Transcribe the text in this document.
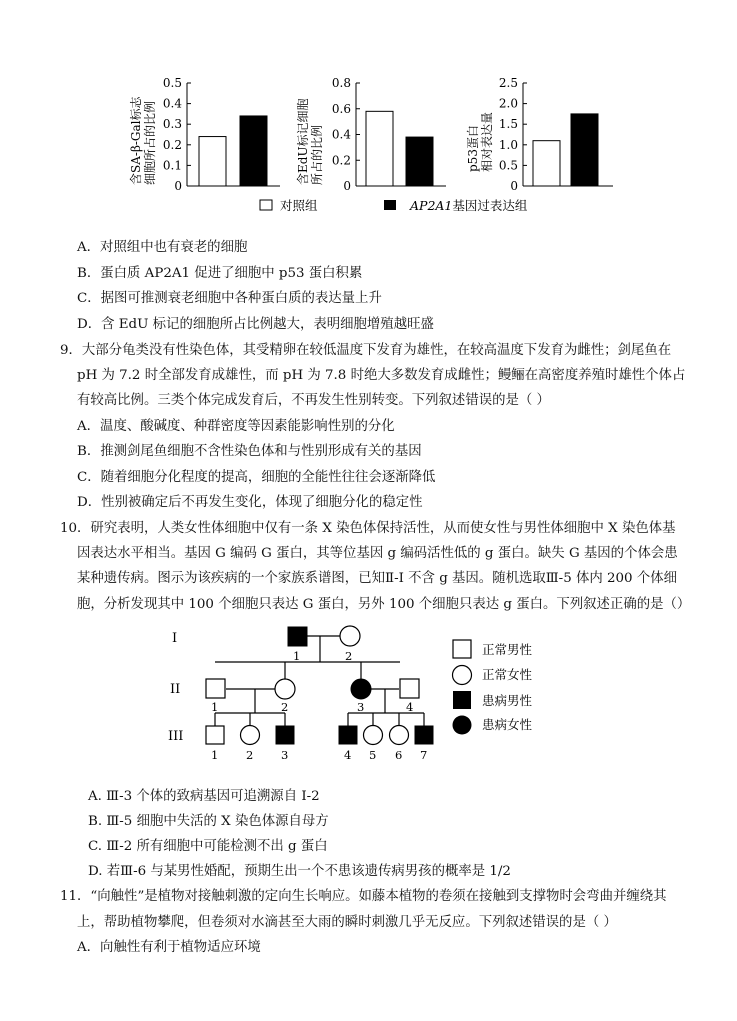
含SA-β-Gal标志 细胞所占的比例
0
0.1
0.2
0.3
0.4
0.5
含EdU标记细胞 所占的比例
0
0.2
0.4
0.6
0.8
p53蛋白 相对表达量
0
0.5
1.0
1.5
2.0
2.5
对照组	AP2A1基因过表达组
A．对照组中也有衰老的细胞
B．蛋白质 AP2A1 促进了细胞中 p53 蛋白积累
C．据图可推测衰老细胞中各种蛋白质的表达量上升
D．含 EdU 标记的细胞所占比例越大，表明细胞增殖越旺盛
9．大部分龟类没有性染色体，其受精卵在较低温度下发育为雄性，在较高温度下发育为雌性；剑尾鱼在
pH 为 7.2 时全部发育成雄性，而 pH 为 7.8 时绝大多数发育成雌性；鳗鲡在高密度养殖时雄性个体占
有较高比例。三类个体完成发育后，不再发生性别转变。下列叙述错误的是（ ）
A．温度、酸碱度、种群密度等因素能影响性别的分化
B．推测剑尾鱼细胞不含性染色体和与性别形成有关的基因
C．随着细胞分化程度的提高，细胞的全能性往往会逐渐降低
D．性别被确定后不再发生变化，体现了细胞分化的稳定性
10．研究表明，人类女性体细胞中仅有一条 X 染色体保持活性，从而使女性与男性体细胞中 X 染色体基
因表达水平相当。基因 G 编码 G 蛋白，其等位基因 g 编码活性低的 g 蛋白。缺失 G 基因的个体会患
某种遗传病。图示为该疾病的一个家族系谱图，已知Ⅱ-I 不含 g 基因。随机选取Ⅲ-5 体内 200 个体细
胞，分析发现其中 100 个细胞只表达 G 蛋白，另外 100 个细胞只表达 g 蛋白。下列叙述正确的是（）
I
II
III
1	2
1	2	3	4
1 2 3	4 5 6 7
正常男性
正常女性
患病男性
患病女性
A. Ⅲ-3 个体的致病基因可追溯源自 I-2
B. Ⅲ-5 细胞中失活的 X 染色体源自母方
C. Ⅲ-2 所有细胞中可能检测不出 g 蛋白
D. 若Ⅲ-6 与某男性婚配，预期生出一个不患该遗传病男孩的概率是 1/2
11．“向触性”是植物对接触刺激的定向生长响应。如藤本植物的卷须在接触到支撑物时会弯曲并缠绕其
上，帮助植物攀爬，但卷须对水滴甚至大雨的瞬时刺激几乎无反应。下列叙述错误的是（ ）
A．向触性有利于植物适应环境
